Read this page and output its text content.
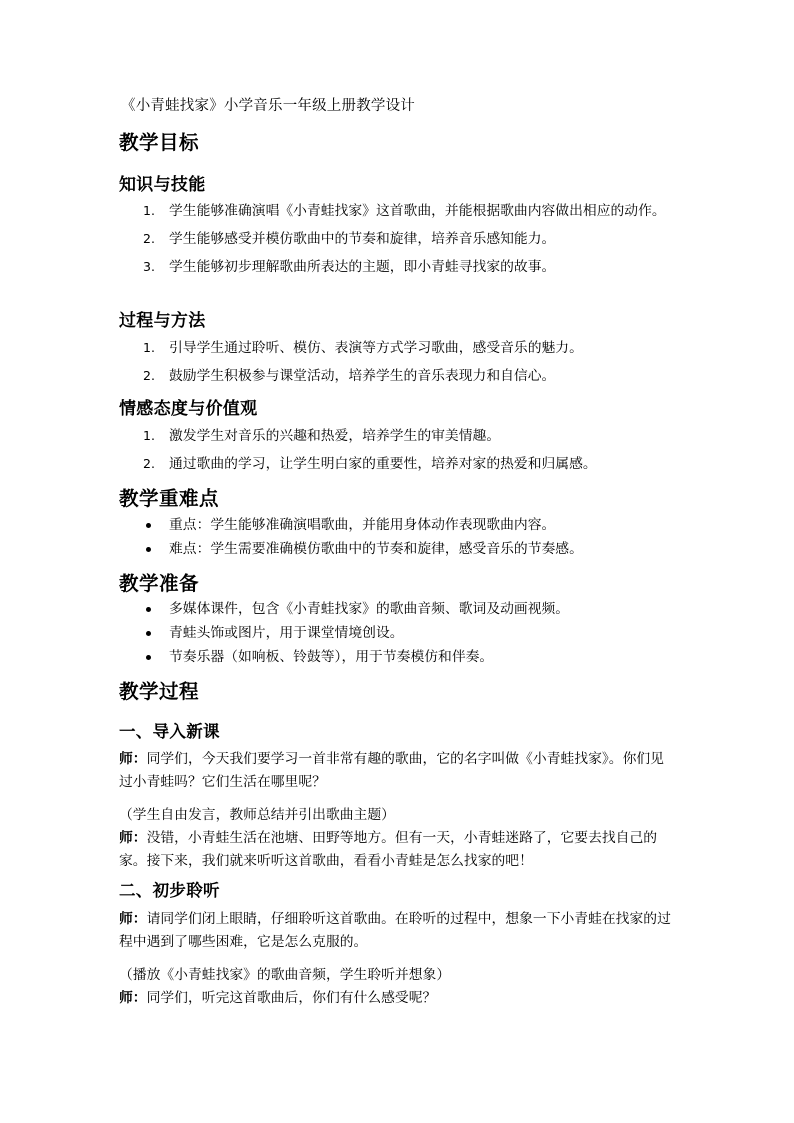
《小青蛙找家》小学音乐一年级上册教学设计
教学目标
知识与技能
1. 学生能够准确演唱《小青蛙找家》这首歌曲，并能根据歌曲内容做出相应的动作。
2. 学生能够感受并模仿歌曲中的节奏和旋律，培养音乐感知能力。
3. 学生能够初步理解歌曲所表达的主题，即小青蛙寻找家的故事。
过程与方法
1. 引导学生通过聆听、模仿、表演等方式学习歌曲，感受音乐的魅力。
2. 鼓励学生积极参与课堂活动，培养学生的音乐表现力和自信心。
情感态度与价值观
1. 激发学生对音乐的兴趣和热爱，培养学生的审美情趣。
2. 通过歌曲的学习，让学生明白家的重要性，培养对家的热爱和归属感。
教学重难点
重点：学生能够准确演唱歌曲，并能用身体动作表现歌曲内容。
难点：学生需要准确模仿歌曲中的节奏和旋律，感受音乐的节奏感。
教学准备
多媒体课件，包含《小青蛙找家》的歌曲音频、歌词及动画视频。
青蛙头饰或图片，用于课堂情境创设。
节奏乐器（如响板、铃鼓等），用于节奏模仿和伴奏。
教学过程
一、导入新课
师：同学们，今天我们要学习一首非常有趣的歌曲，它的名字叫做《小青蛙找家》。你们见过小青蛙吗？它们生活在哪里呢？
（学生自由发言，教师总结并引出歌曲主题）
师：没错，小青蛙生活在池塘、田野等地方。但有一天，小青蛙迷路了，它要去找自己的家。接下来，我们就来听听这首歌曲，看看小青蛙是怎么找家的吧！
二、初步聆听
师：请同学们闭上眼睛，仔细聆听这首歌曲。在聆听的过程中，想象一下小青蛙在找家的过程中遇到了哪些困难，它是怎么克服的。
（播放《小青蛙找家》的歌曲音频，学生聆听并想象）
师：同学们，听完这首歌曲后，你们有什么感受呢？
